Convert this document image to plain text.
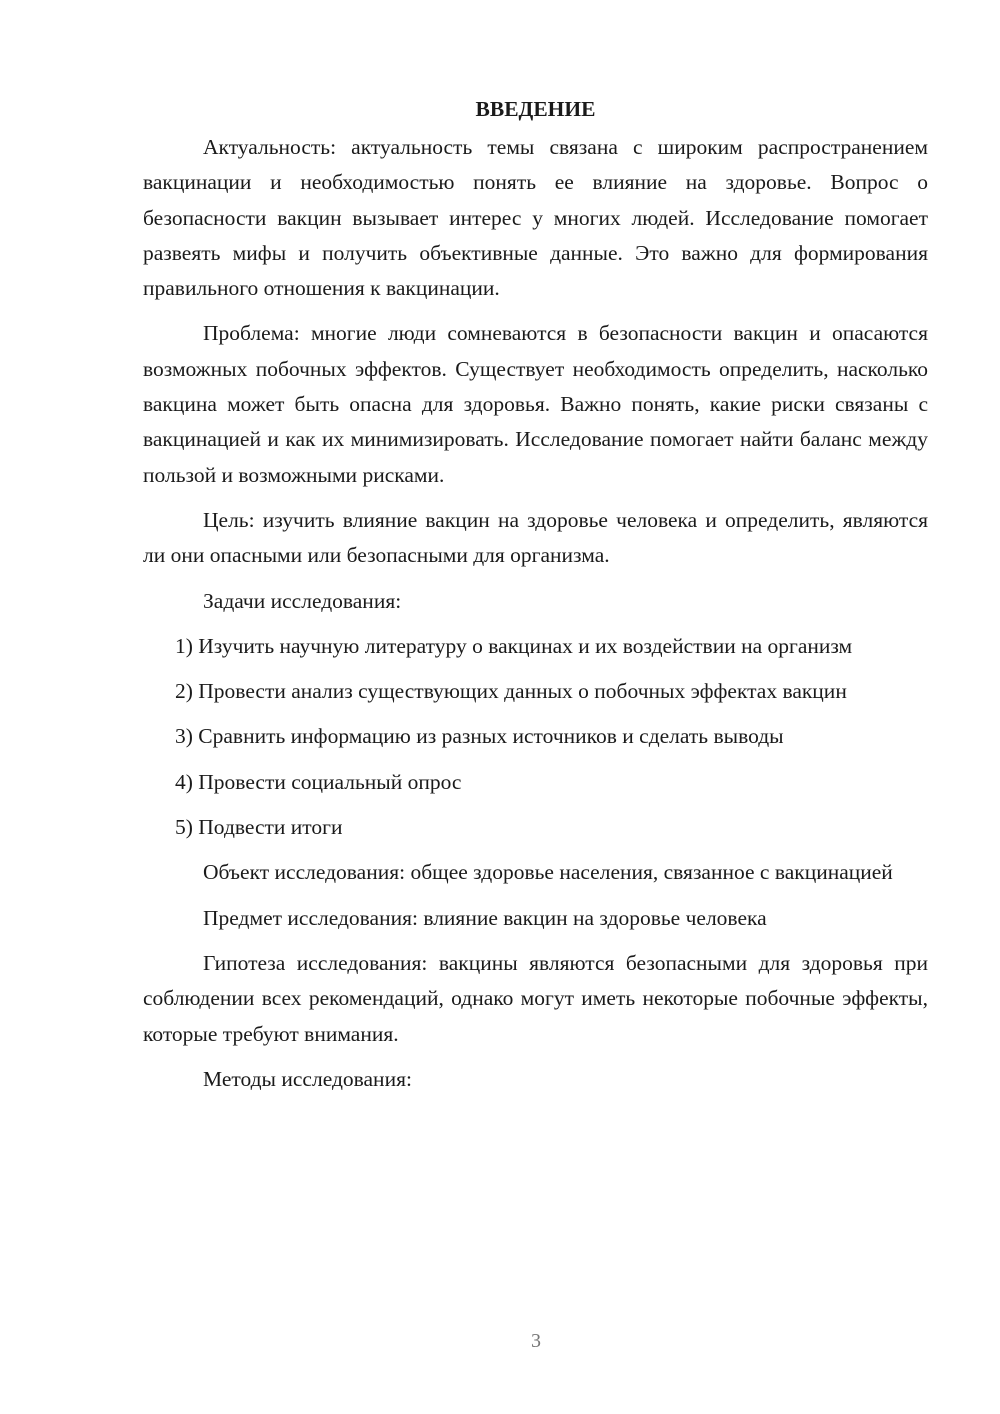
ВВЕДЕНИЕ

Актуальность: актуальность темы связана с широким распространением вакцинации и необходимостью понять ее влияние на здоровье. Вопрос о безопасности вакцин вызывает интерес у многих людей. Исследование помогает развеять мифы и получить объективные данные. Это важно для формирования правильного отношения к вакцинации.

Проблема: многие люди сомневаются в безопасности вакцин и опасаются возможных побочных эффектов. Существует необходимость определить, насколько вакцина может быть опасна для здоровья. Важно понять, какие риски связаны с вакцинацией и как их минимизировать. Исследование помогает найти баланс между пользой и возможными рисками.

Цель: изучить влияние вакцин на здоровье человека и определить, являются ли они опасными или безопасными для организма.

Задачи исследования:

1) Изучить научную литературу о вакцинах и их воздействии на организм

2) Провести анализ существующих данных о побочных эффектах вакцин

3) Сравнить информацию из разных источников и сделать выводы

4) Провести социальный опрос

5) Подвести итоги

Объект исследования: общее здоровье населения, связанное с вакцинацией

Предмет исследования: влияние вакцин на здоровье человека

Гипотеза исследования: вакцины являются безопасными для здоровья при соблюдении всех рекомендаций, однако могут иметь некоторые побочные эффекты, которые требуют внимания.

Методы исследования:

3
